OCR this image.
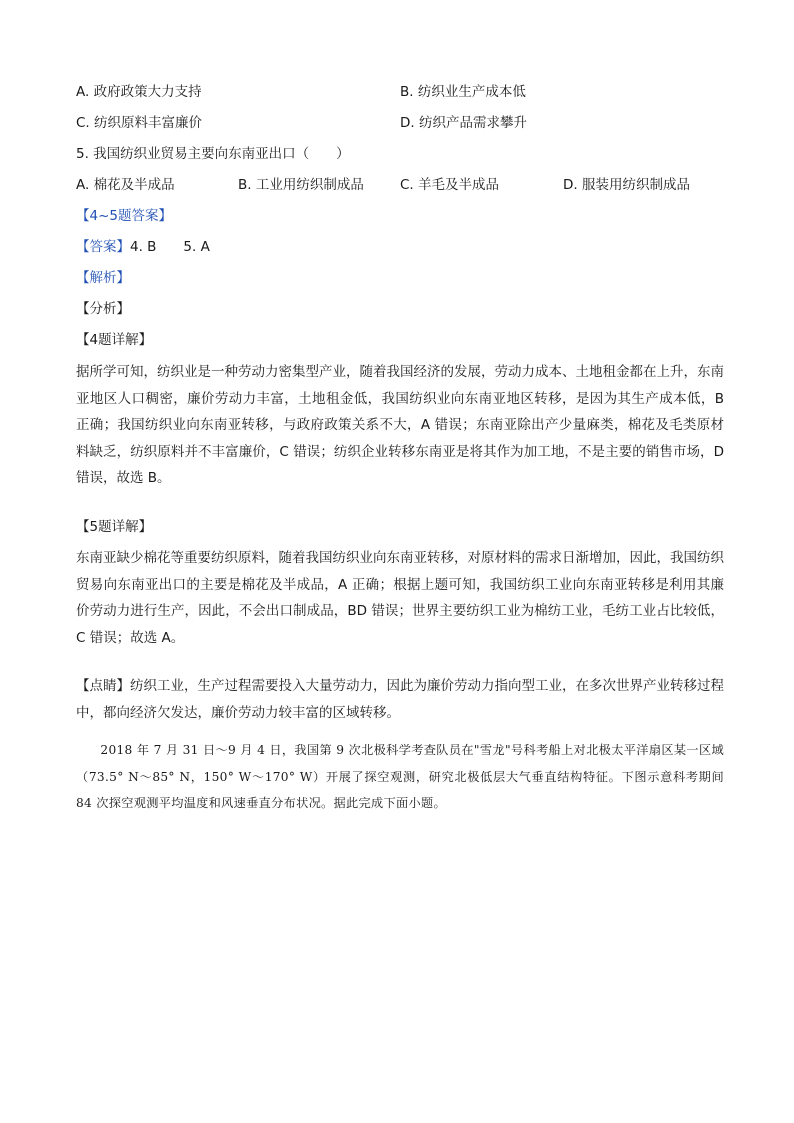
A. 政府政策大力支持	B. 纺织业生产成本低
C. 纺织原料丰富廉价	D. 纺织产品需求攀升
5. 我国纺织业贸易主要向东南亚出口（　　）
A. 棉花及半成品	B. 工业用纺织制成品	C. 羊毛及半成品	D. 服装用纺织制成品
【4~5题答案】
【答案】4. B　　5. A
【解析】
【分析】
【4题详解】

据所学可知，纺织业是一种劳动力密集型产业，随着我国经济的发展，劳动力成本、土地租金都在上升，东南亚地区人口稠密，廉价劳动力丰富，土地租金低，我国纺织业向东南亚地区转移，是因为其生产成本低，B 正确；我国纺织业向东南亚转移，与政府政策关系不大，A 错误；东南亚除出产少量麻类，棉花及毛类原材料缺乏，纺织原料并不丰富廉价，C 错误；纺织企业转移东南亚是将其作为加工地，不是主要的销售市场，D 错误，故选 B。

【5题详解】

东南亚缺少棉花等重要纺织原料，随着我国纺织业向东南亚转移，对原材料的需求日渐增加，因此，我国纺织贸易向东南亚出口的主要是棉花及半成品，A 正确；根据上题可知，我国纺织工业向东南亚转移是利用其廉价劳动力进行生产，因此，不会出口制成品，BD 错误；世界主要纺织工业为棉纺工业，毛纺工业占比较低，C 错误；故选 A。

【点睛】纺织工业，生产过程需要投入大量劳动力，因此为廉价劳动力指向型工业，在多次世界产业转移过程中，都向经济欠发达，廉价劳动力较丰富的区域转移。

2018 年 7 月 31 日～9 月 4 日，我国第 9 次北极科学考查队员在"雪龙"号科考船上对北极太平洋扇区某一区域（73.5° N～85° N，150° W～170° W）开展了探空观测，研究北极低层大气垂直结构特征。下图示意科考期间 84 次探空观测平均温度和风速垂直分布状况。据此完成下面小题。
